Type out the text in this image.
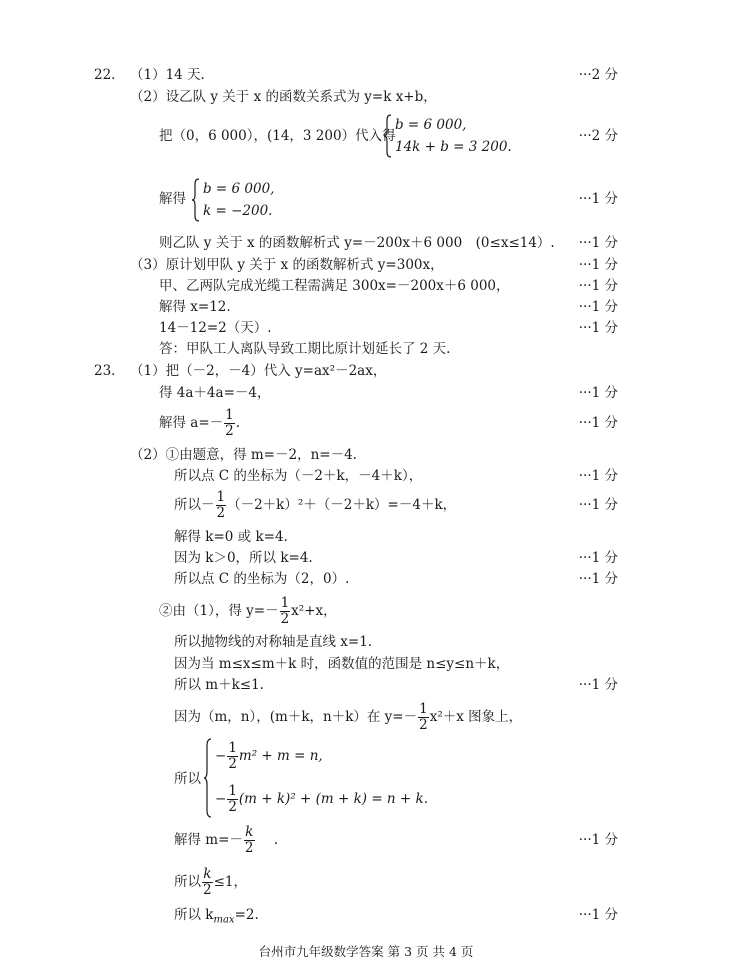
22. （1）14 天.	···2 分
（2）设乙队 y 关于 x 的函数关系式为 y=k x+b，
把（0，6 000），(14，3 200）代入得
b = 6 000,
14k + b = 3 200.
···2 分
解得
b = 6 000,
k = −200.
···1 分
则乙队 y 关于 x 的函数解析式 y=－200x＋6 000　(0≤x≤14）. ···1 分
（3）原计划甲队 y 关于 x 的函数解析式 y=300x，	···1 分
甲、乙两队完成光缆工程需满足 300x=－200x＋6 000，	···1 分
解得 x=12.	···1 分
14－12=2（天）.	···1 分
答：甲队工人离队导致工期比原计划延长了 2 天.
23. （1）把（－2，－4）代入 y=ax²－2ax，
得 4a＋4a=－4，	···1 分
解得 $a=- \frac{1}{2}$ .	···1 分
（2）①由题意，得 m=－2，n=－4.
所以点 C 的坐标为（－2＋k，－4＋k），	···1 分
所以－ $\frac{1}{2} (-2+k)^2+(-2+k)=-4+k$，	···1 分
解得 k=0 或 k=4.
因为 k＞0，所以 k=4.	···1 分
所以点 C 的坐标为（2，0）.	···1 分
②由（1），得 $y=- \frac{1}{2} x^2+x$，
所以抛物线的对称轴是直线 x=1.
因为当 m≤x≤m＋k 时，函数值的范围是 n≤y≤n＋k，
所以 m＋k≤1.	···1 分
因为（m，n），(m＋k，n＋k）在 $y=- \frac{1}{2} x^2+x$ 图象上，
所以
− $\frac{1}{2} m^2 + m = n$,
− $\frac{1}{2} (m + k)^2 + (m + k) = n + k$.
解得 $m=- \frac{k}{2}$ .	···1 分
所以 $\frac{k}{2} \le 1$，
所以 $k_{max}=2$.	···1 分
台州市九年级数学答案 第 3 页 共 4 页
